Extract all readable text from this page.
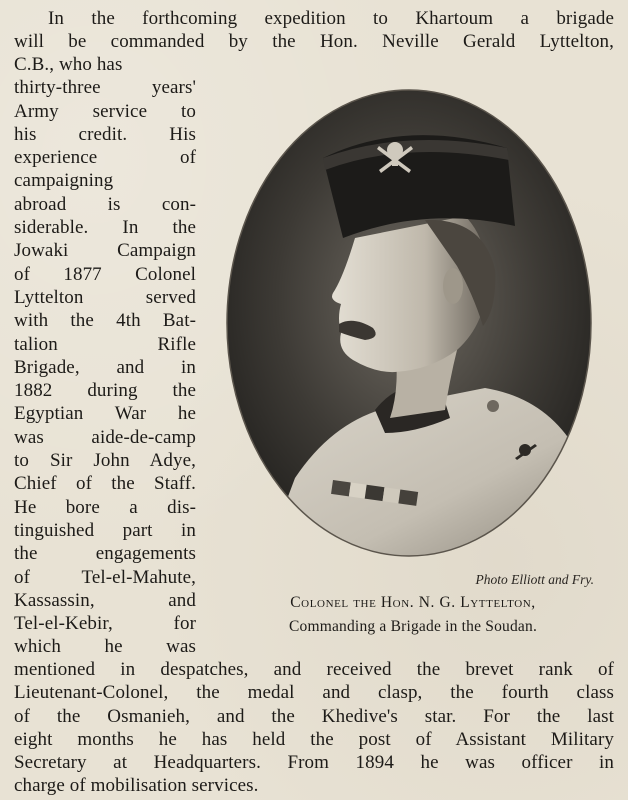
In the forthcoming expedition to Khartoum a brigade
will be commanded by the Hon. Neville Gerald Lyttelton,
C.B., who has
thirty-three years'
Army service to
his credit. His
experience of
campaigning
abroad is con-
siderable. In the
Jowaki Campaign
of 1877 Colonel
Lyttelton served
with the 4th Bat-
talion Rifle
Brigade, and in
1882 during the
Egyptian War he
was aide-de-camp
to Sir John Adye,
Chief of the Staff.
He bore a dis-
tinguished part in
the engagements
of Tel-el-Mahute,
Kassassin, and
Tel-el-Kebir, for
which he was
Photo Elliott and Fry.
Colonel the Hon. N. G. Lyttelton,
Commanding a Brigade in the Soudan.
mentioned in despatches, and received the brevet rank of
Lieutenant-Colonel, the medal and clasp, the fourth class
of the Osmanieh, and the Khedive's star. For the last
eight months he has held the post of Assistant Military
Secretary at Headquarters. From 1894 he was officer in
charge of mobilisation services.
